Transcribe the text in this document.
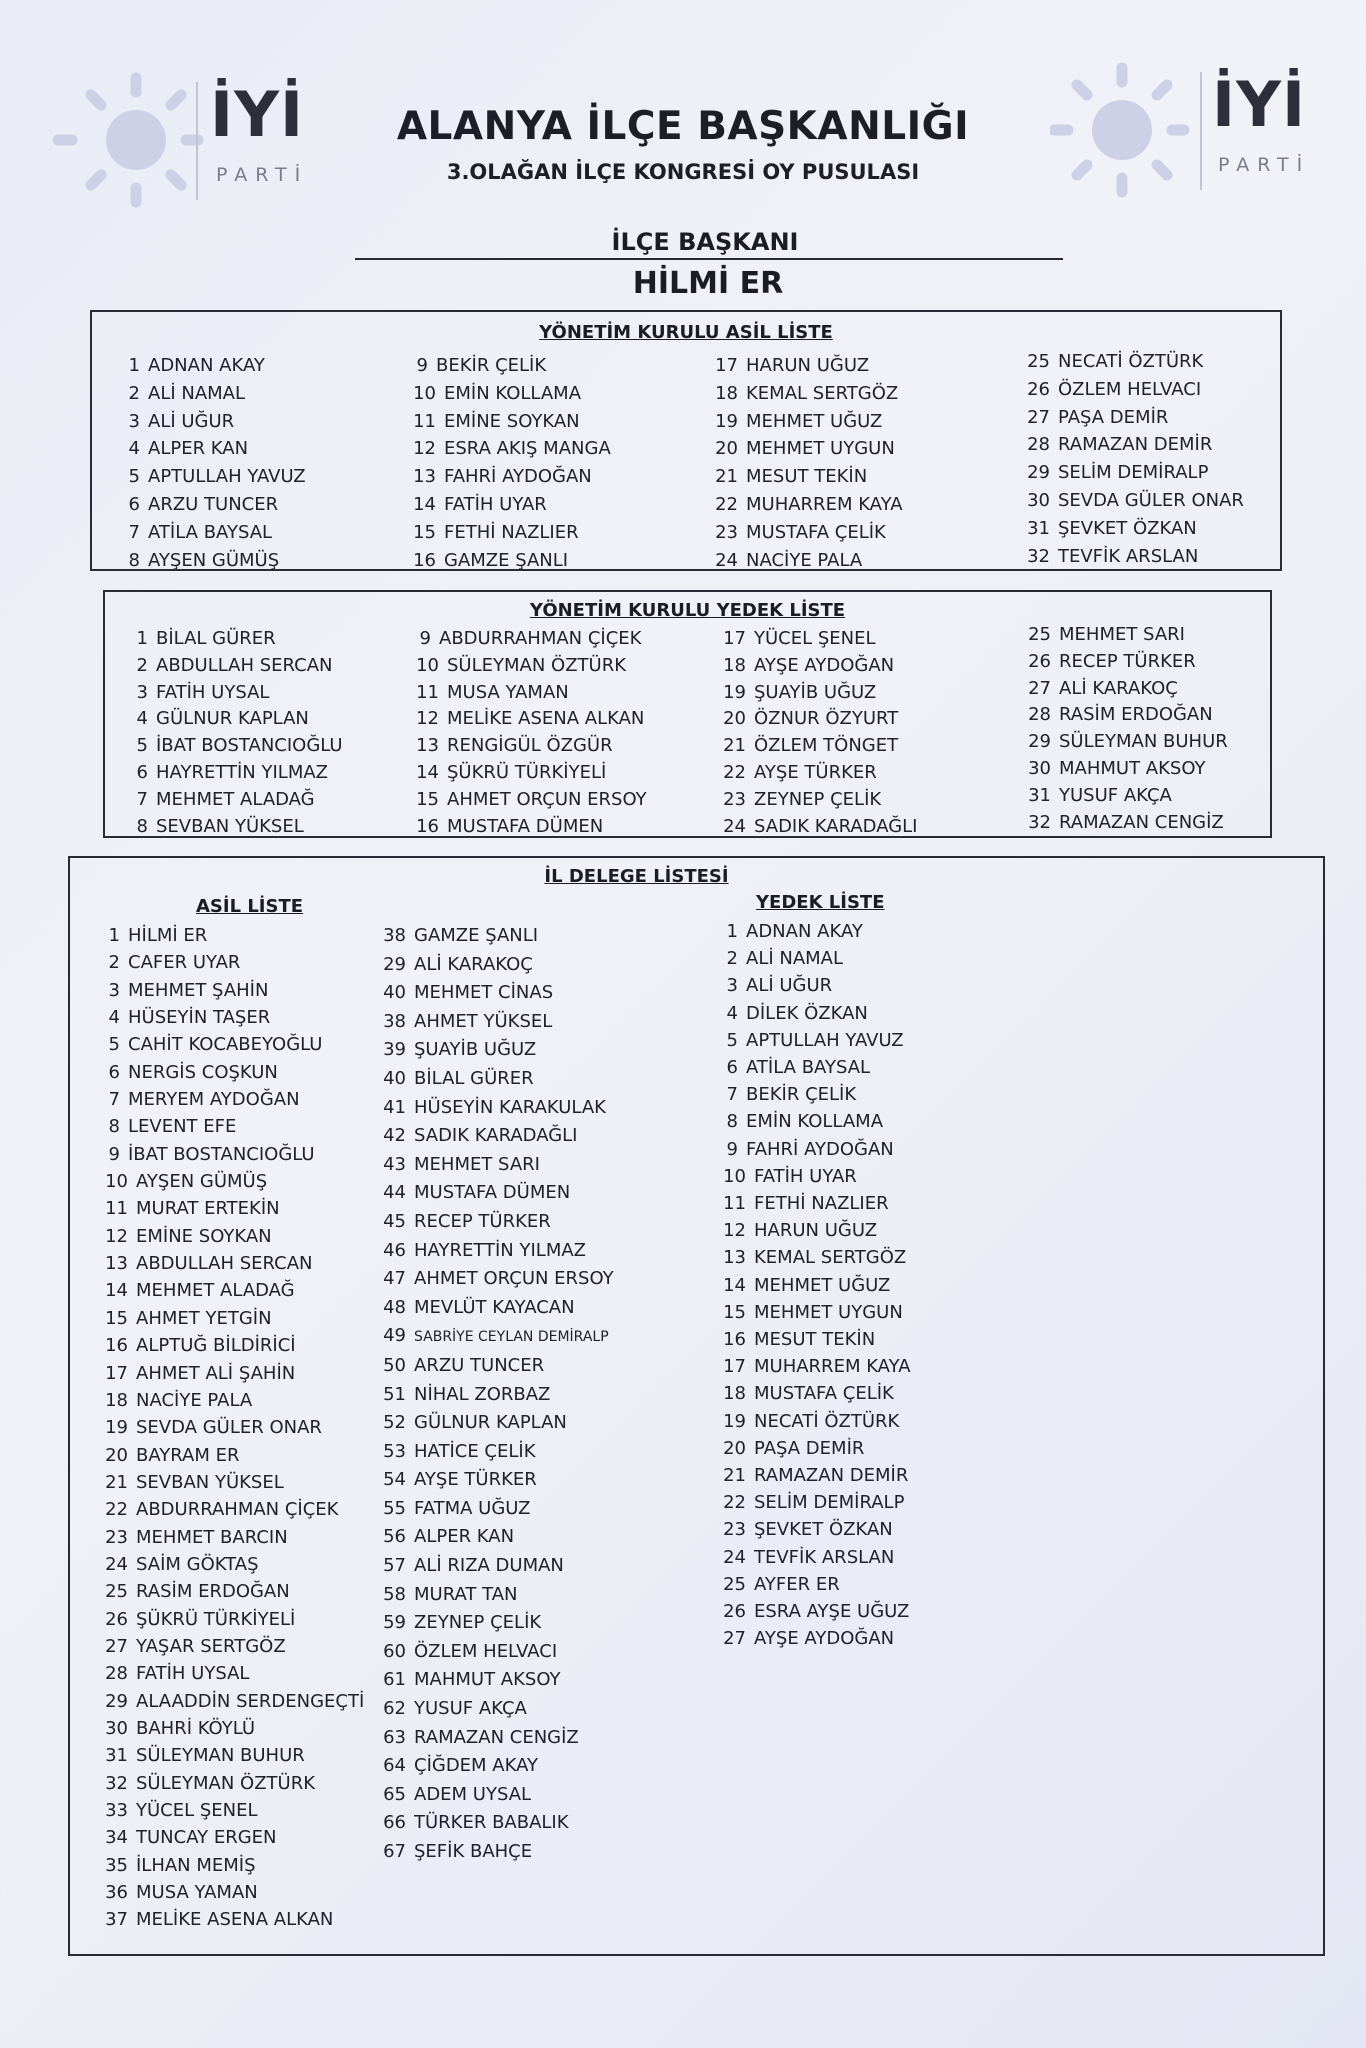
İYİ
PARTİ
İYİ
PARTİ
ALANYA İLÇE BAŞKANLIĞI
3.OLAĞAN İLÇE KONGRESİ OY PUSULASI
İLÇE BAŞKANI
HİLMİ ER
YÖNETİM KURULU ASİL LİSTE
1 ADNAN AKAY
2 ALİ NAMAL
3 ALİ UĞUR
4 ALPER KAN
5 APTULLAH YAVUZ
6 ARZU TUNCER
7 ATİLA BAYSAL
8 AYŞEN GÜMÜŞ
9 BEKİR ÇELİK
10 EMİN KOLLAMA
11 EMİNE SOYKAN
12 ESRA AKIŞ MANGA
13 FAHRİ AYDOĞAN
14 FATİH UYAR
15 FETHİ NAZLIER
16 GAMZE ŞANLI
17 HARUN UĞUZ
18 KEMAL SERTGÖZ
19 MEHMET UĞUZ
20 MEHMET UYGUN
21 MESUT TEKİN
22 MUHARREM KAYA
23 MUSTAFA ÇELİK
24 NACİYE PALA
25 NECATİ ÖZTÜRK
26 ÖZLEM HELVACI
27 PAŞA DEMİR
28 RAMAZAN DEMİR
29 SELİM DEMİRALP
30 SEVDA GÜLER ONAR
31 ŞEVKET ÖZKAN
32 TEVFİK ARSLAN
YÖNETİM KURULU YEDEK LİSTE
1 BİLAL GÜRER
2 ABDULLAH SERCAN
3 FATİH UYSAL
4 GÜLNUR KAPLAN
5 İBAT BOSTANCIOĞLU
6 HAYRETTİN YILMAZ
7 MEHMET ALADAĞ
8 SEVBAN YÜKSEL
9 ABDURRAHMAN ÇİÇEK
10 SÜLEYMAN ÖZTÜRK
11 MUSA YAMAN
12 MELİKE ASENA ALKAN
13 RENGİGÜL ÖZGÜR
14 ŞÜKRÜ TÜRKİYELİ
15 AHMET ORÇUN ERSOY
16 MUSTAFA DÜMEN
17 YÜCEL ŞENEL
18 AYŞE AYDOĞAN
19 ŞUAYİB UĞUZ
20 ÖZNUR ÖZYURT
21 ÖZLEM TÖNGET
22 AYŞE TÜRKER
23 ZEYNEP ÇELİK
24 SADIK KARADAĞLI
25 MEHMET SARI
26 RECEP TÜRKER
27 ALİ KARAKOÇ
28 RASİM ERDOĞAN
29 SÜLEYMAN BUHUR
30 MAHMUT AKSOY
31 YUSUF AKÇA
32 RAMAZAN CENGİZ
İL DELEGE LİSTESİ
ASİL LİSTE	YEDEK LİSTE
1 HİLMİ ER
2 CAFER UYAR
3 MEHMET ŞAHİN
4 HÜSEYİN TAŞER
5 CAHİT KOCABEYOĞLU
6 NERGİS COŞKUN
7 MERYEM AYDOĞAN
8 LEVENT EFE
9 İBAT BOSTANCIOĞLU
10 AYŞEN GÜMÜŞ
11 MURAT ERTEKİN
12 EMİNE SOYKAN
13 ABDULLAH SERCAN
14 MEHMET ALADAĞ
15 AHMET YETGİN
16 ALPTUĞ BİLDİRİCİ
17 AHMET ALİ ŞAHİN
18 NACİYE PALA
19 SEVDA GÜLER ONAR
20 BAYRAM ER
21 SEVBAN YÜKSEL
22 ABDURRAHMAN ÇİÇEK
23 MEHMET BARCIN
24 SAİM GÖKTAŞ
25 RASİM ERDOĞAN
26 ŞÜKRÜ TÜRKİYELİ
27 YAŞAR SERTGÖZ
28 FATİH UYSAL
29 ALAADDİN SERDENGEÇTİ
30 BAHRİ KÖYLÜ
31 SÜLEYMAN BUHUR
32 SÜLEYMAN ÖZTÜRK
33 YÜCEL ŞENEL
34 TUNCAY ERGEN
35 İLHAN MEMİŞ
36 MUSA YAMAN
37 MELİKE ASENA ALKAN
38 GAMZE ŞANLI
29 ALİ KARAKOÇ
40 MEHMET CİNAS
38 AHMET YÜKSEL
39 ŞUAYİB UĞUZ
40 BİLAL GÜRER
41 HÜSEYİN KARAKULAK
42 SADIK KARADAĞLI
43 MEHMET SARI
44 MUSTAFA DÜMEN
45 RECEP TÜRKER
46 HAYRETTİN YILMAZ
47 AHMET ORÇUN ERSOY
48 MEVLÜT KAYACAN
49 SABRİYE CEYLAN DEMİRALP
50 ARZU TUNCER
51 NİHAL ZORBAZ
52 GÜLNUR KAPLAN
53 HATİCE ÇELİK
54 AYŞE TÜRKER
55 FATMA UĞUZ
56 ALPER KAN
57 ALİ RIZA DUMAN
58 MURAT TAN
59 ZEYNEP ÇELİK
60 ÖZLEM HELVACI
61 MAHMUT AKSOY
62 YUSUF AKÇA
63 RAMAZAN CENGİZ
64 ÇİĞDEM AKAY
65 ADEM UYSAL
66 TÜRKER BABALIK
67 ŞEFİK BAHÇE
1 ADNAN AKAY
2 ALİ NAMAL
3 ALİ UĞUR
4 DİLEK ÖZKAN
5 APTULLAH YAVUZ
6 ATİLA BAYSAL
7 BEKİR ÇELİK
8 EMİN KOLLAMA
9 FAHRİ AYDOĞAN
10 FATİH UYAR
11 FETHİ NAZLIER
12 HARUN UĞUZ
13 KEMAL SERTGÖZ
14 MEHMET UĞUZ
15 MEHMET UYGUN
16 MESUT TEKİN
17 MUHARREM KAYA
18 MUSTAFA ÇELİK
19 NECATİ ÖZTÜRK
20 PAŞA DEMİR
21 RAMAZAN DEMİR
22 SELİM DEMİRALP
23 ŞEVKET ÖZKAN
24 TEVFİK ARSLAN
25 AYFER ER
26 ESRA AYŞE UĞUZ
27 AYŞE AYDOĞAN
